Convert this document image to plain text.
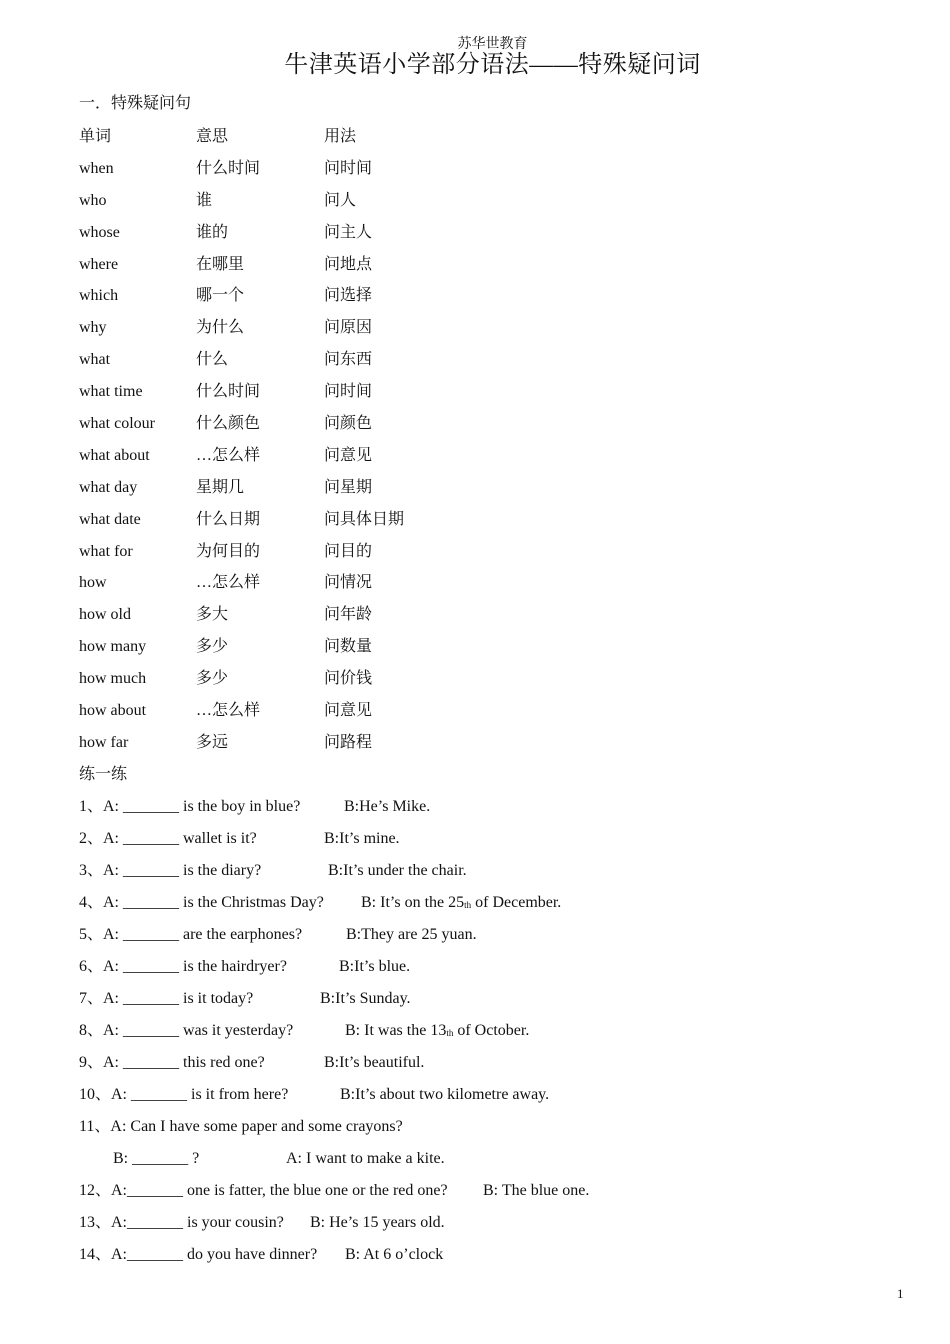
苏华世教育
牛津英语小学部分语法——特殊疑问词
一．特殊疑问句
单词	意思	用法
when	什么时间	问时间
who	谁	问人
whose	谁的	问主人
where	在哪里	问地点
which	哪一个	问选择
why	为什么	问原因
what	什么	问东西
what time	什么时间	问时间
what colour	什么颜色	问颜色
what about	…怎么样	问意见
what day	星期几	问星期
what date	什么日期	问具体日期
what for	为何目的	问目的
how	…怎么样	问情况
how old	多大	问年龄
how many	多少	问数量
how much	多少	问价钱
how about	…怎么样	问意见
how far	多远	问路程
练一练
1、A: _______ is the boy in blue?	B:He’s Mike.
2、A: _______ wallet is it?	B:It’s mine.
3、A: _______ is the diary?	B:It’s under the chair.
4、A: _______ is the Christmas Day? B: It’s on the $25_{th}$ of December.
5、A: _______ are the earphones?	B:They are 25 yuan.
6、A: _______ is the hairdryer?	B:It’s blue.
7、A: _______ is it today?	B:It’s Sunday.
8、A: _______ was it yesterday?	B: It was the $13_{th}$ of October.
9、A: _______ this red one?	B:It’s beautiful.
10、A: _______ is it from here?	B:It’s about two kilometre away.
11、A: Can I have some paper and some crayons?
B: _______ ?	A: I want to make a kite.
12、A:_______ one is fatter, the blue one or the red one? B: The blue one.
13、A:_______ is your cousin? B: He’s 15 years old.
14、A:_______ do you have dinner? B: At 6 o’clock
1
